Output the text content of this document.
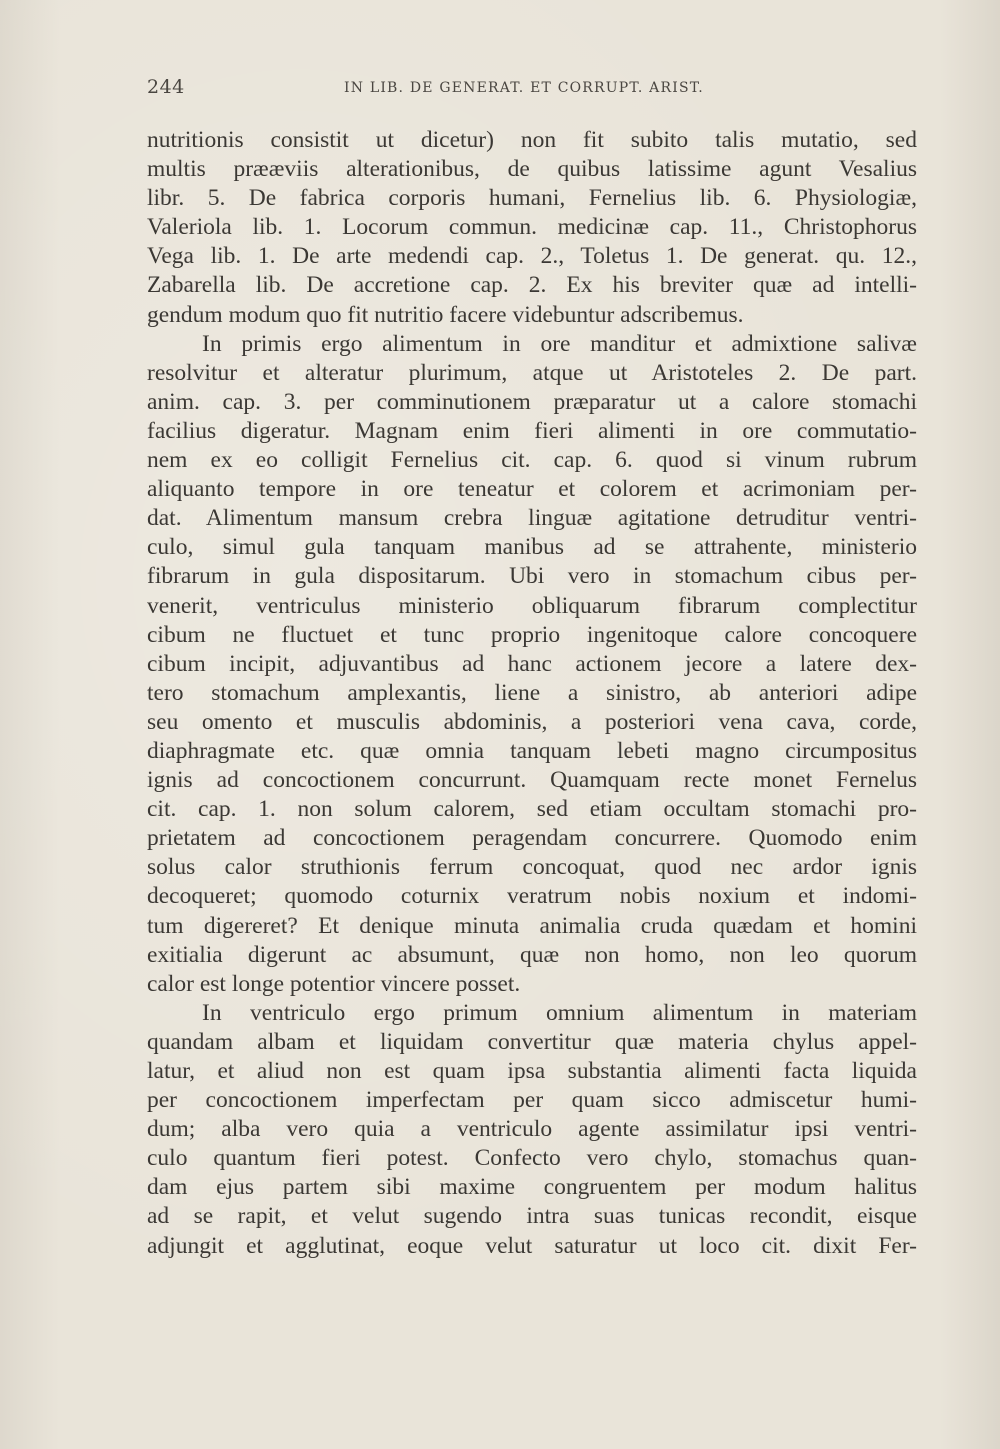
244	IN LIB. DE GENERAT. ET CORRUPT. ARIST.
nutritionis consistit ut dicetur) non fit subito talis mutatio, sed
multis prææviis alterationibus, de quibus latissime agunt Vesalius
libr. 5. De fabrica corporis humani, Fernelius lib. 6. Physiologiæ,
Valeriola lib. 1. Locorum commun. medicinæ cap. 11., Christophorus
Vega lib. 1. De arte medendi cap. 2., Toletus 1. De generat. qu. 12.,
Zabarella lib. De accretione cap. 2. Ex his breviter quæ ad intelli-
gendum modum quo fit nutritio facere videbuntur adscribemus.
In primis ergo alimentum in ore manditur et admixtione salivæ
resolvitur et alteratur plurimum, atque ut Aristoteles 2. De part.
anim. cap. 3. per comminutionem præparatur ut a calore stomachi
facilius digeratur. Magnam enim fieri alimenti in ore commutatio-
nem ex eo colligit Fernelius cit. cap. 6. quod si vinum rubrum
aliquanto tempore in ore teneatur et colorem et acrimoniam per-
dat. Alimentum mansum crebra linguæ agitatione detruditur ventri-
culo, simul gula tanquam manibus ad se attrahente, ministerio
fibrarum in gula dispositarum. Ubi vero in stomachum cibus per-
venerit, ventriculus ministerio obliquarum fibrarum complectitur
cibum ne fluctuet et tunc proprio ingenitoque calore concoquere
cibum incipit, adjuvantibus ad hanc actionem jecore a latere dex-
tero stomachum amplexantis, liene a sinistro, ab anteriori adipe
seu omento et musculis abdominis, a posteriori vena cava, corde,
diaphragmate etc. quæ omnia tanquam lebeti magno circumpositus
ignis ad concoctionem concurrunt. Quamquam recte monet Fernelus
cit. cap. 1. non solum calorem, sed etiam occultam stomachi pro-
prietatem ad concoctionem peragendam concurrere. Quomodo enim
solus calor struthionis ferrum concoquat, quod nec ardor ignis
decoqueret; quomodo coturnix veratrum nobis noxium et indomi-
tum digereret? Et denique minuta animalia cruda quædam et homini
exitialia digerunt ac absumunt, quæ non homo, non leo quorum
calor est longe potentior vincere posset.
In ventriculo ergo primum omnium alimentum in materiam
quandam albam et liquidam convertitur quæ materia chylus appel-
latur, et aliud non est quam ipsa substantia alimenti facta liquida
per concoctionem imperfectam per quam sicco admiscetur humi-
dum; alba vero quia a ventriculo agente assimilatur ipsi ventri-
culo quantum fieri potest. Confecto vero chylo, stomachus quan-
dam ejus partem sibi maxime congruentem per modum halitus
ad se rapit, et velut sugendo intra suas tunicas recondit, eisque
adjungit et agglutinat, eoque velut saturatur ut loco cit. dixit Fer-
